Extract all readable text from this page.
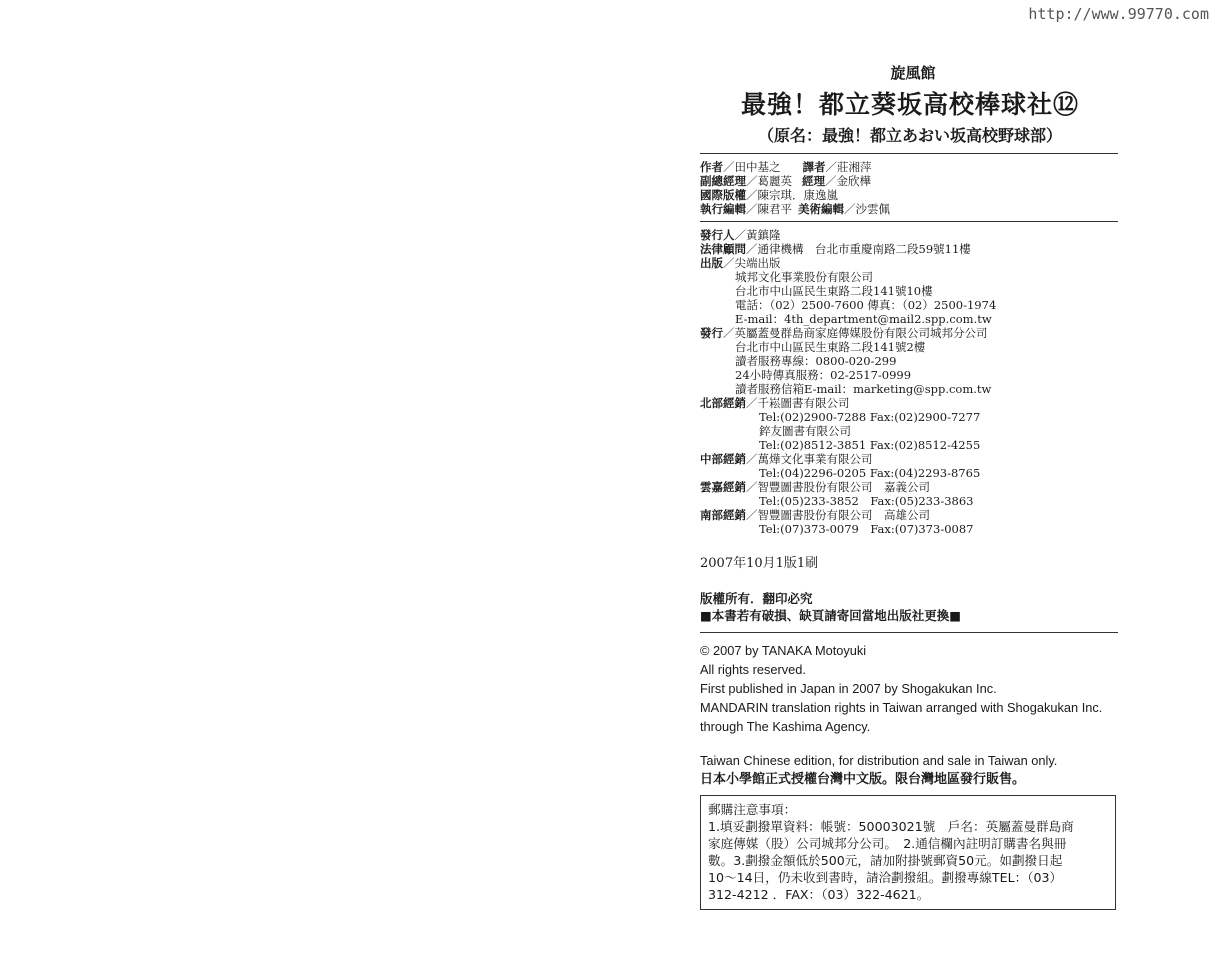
http://www.99770.com
旋風館
最強！都立葵坂高校棒球社⑫
（原名：最強！都立あおい坂高校野球部）
作者／田中基之 譯者／莊湘萍
副總經理／葛麗英 經理／金欣樺
國際版權／陳宗琪．康逸嵐
執行編輯／陳君平 美術編輯／沙雲佩
發行人／黃鎮隆
法律顧問／通律機構　台北市重慶南路二段59號11樓
出版／尖端出版
城邦文化事業股份有限公司
台北市中山區民生東路二段141號10樓
電話：（02）2500-7600 傳真：（02）2500-1974
E-mail：4th_department@mail2.spp.com.tw
發行／英屬蓋曼群島商家庭傳媒股份有限公司城邦分公司
台北市中山區民生東路二段141號2樓
讀者服務專線：0800-020-299
24小時傳真服務：02-2517-0999
讀者服務信箱E-mail：marketing@spp.com.tw
北部經銷／千崧圖書有限公司
Tel:(02)2900-7288 Fax:(02)2900-7277
錊友圖書有限公司
Tel:(02)8512-3851 Fax:(02)8512-4255
中部經銷／萬燁文化事業有限公司
Tel:(04)2296-0205 Fax:(04)2293-8765
雲嘉經銷／智豐圖書股份有限公司　嘉義公司
Tel:(05)233-3852　Fax:(05)233-3863
南部經銷／智豐圖書股份有限公司　高雄公司
Tel:(07)373-0079　Fax:(07)373-0087
2007年10月1版1刷
版權所有．翻印必究
■本書若有破損、缺頁請寄回當地出版社更換■
© 2007 by TANAKA Motoyuki
All rights reserved.
First published in Japan in 2007 by Shogakukan Inc.
MANDARIN translation rights in Taiwan arranged with Shogakukan Inc.
through The Kashima Agency.
Taiwan Chinese edition, for distribution and sale in Taiwan only.
日本小學館正式授權台灣中文版。限台灣地區發行販售。
郵購注意事項：
1.填妥劃撥單資料：帳號：50003021號　戶名：英屬蓋曼群島商
家庭傳媒（股）公司城邦分公司。　2.通信欄內註明訂購書名與冊
數。3.劃撥金額低於500元，請加附掛號郵資50元。如劃撥日起
10～14日，仍未收到書時，請洽劃撥組。劃撥專線TEL：（03）
312-4212 ．FAX：（03）322-4621。
